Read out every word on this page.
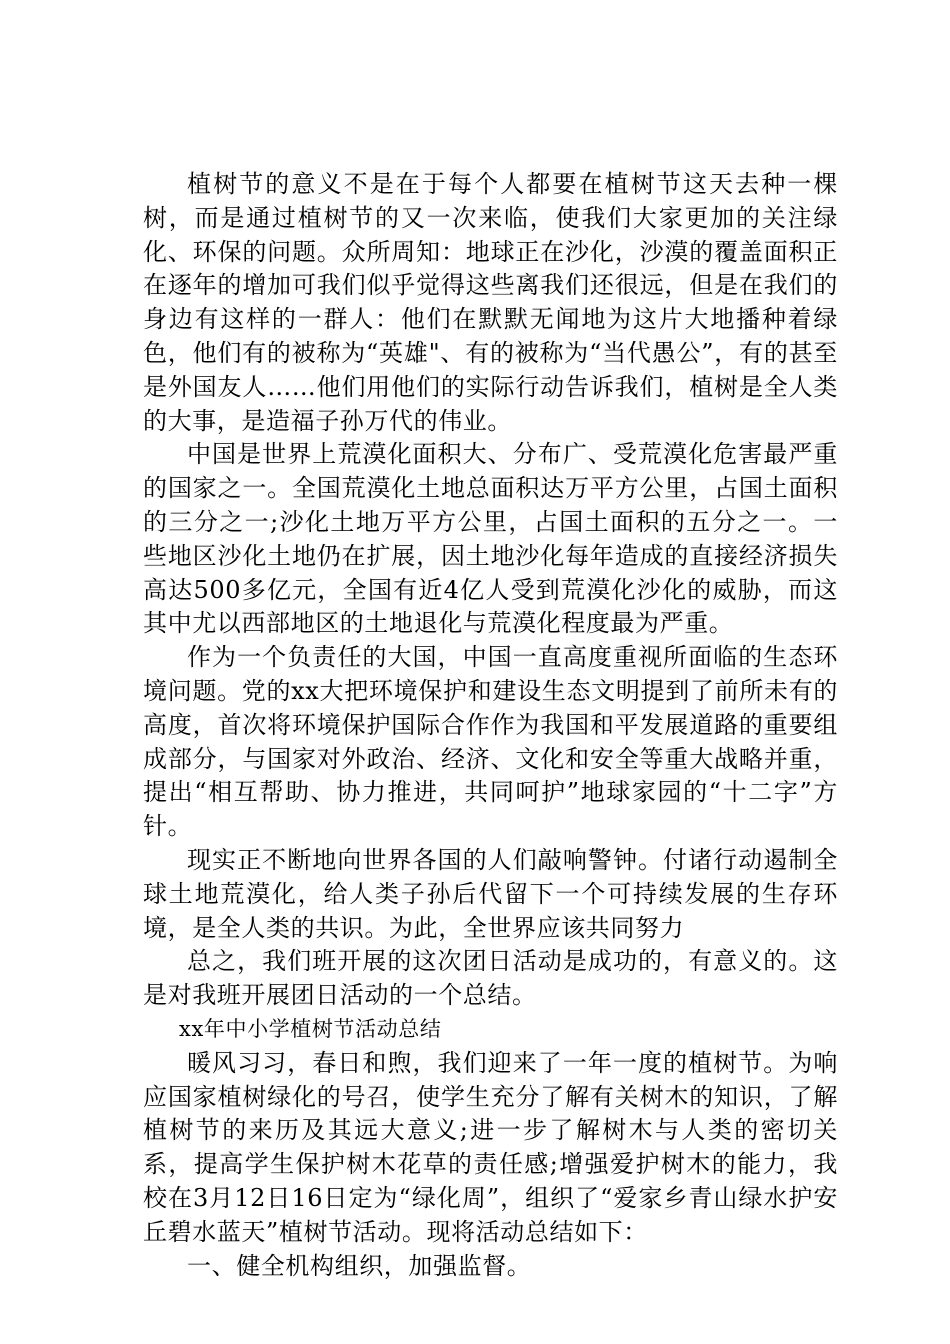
植树节的意义不是在于每个人都要在植树节这天去种一棵树，而是通过植树节的又一次来临，使我们大家更加的关注绿化、环保的问题。众所周知：地球正在沙化，沙漠的覆盖面积正在逐年的增加可我们似乎觉得这些离我们还很远，但是在我们的身边有这样的一群人：他们在默默无闻地为这片大地播种着绿色，他们有的被称为“英雄"、有的被称为“当代愚公”，有的甚至是外国友人……他们用他们的实际行动告诉我们，植树是全人类的大事，是造福子孙万代的伟业。

中国是世界上荒漠化面积大、分布广、受荒漠化危害最严重的国家之一。全国荒漠化土地总面积达万平方公里，占国土面积的三分之一;沙化土地万平方公里，占国土面积的五分之一。一些地区沙化土地仍在扩展，因土地沙化每年造成的直接经济损失高达500多亿元，全国有近4亿人受到荒漠化沙化的威胁，而这其中尤以西部地区的土地退化与荒漠化程度最为严重。

作为一个负责任的大国，中国一直高度重视所面临的生态环境问题。党的xx大把环境保护和建设生态文明提到了前所未有的高度，首次将环境保护国际合作作为我国和平发展道路的重要组成部分，与国家对外政治、经济、文化和安全等重大战略并重，提出“相互帮助、协力推进，共同呵护”地球家园的“十二字”方针。

现实正不断地向世界各国的人们敲响警钟。付诸行动遏制全球土地荒漠化，给人类子孙后代留下一个可持续发展的生存环境，是全人类的共识。为此，全世界应该共同努力

总之，我们班开展的这次团日活动是成功的，有意义的。这是对我班开展团日活动的一个总结。

xx年中小学植树节活动总结

暖风习习，春日和煦，我们迎来了一年一度的植树节。为响应国家植树绿化的号召，使学生充分了解有关树木的知识，了解植树节的来历及其远大意义;进一步了解树木与人类的密切关系，提高学生保护树木花草的责任感;增强爱护树木的能力，我校在3月12日16日定为“绿化周”，组织了“爱家乡青山绿水护安丘碧水蓝天”植树节活动。现将活动总结如下：

一、健全机构组织，加强监督。
